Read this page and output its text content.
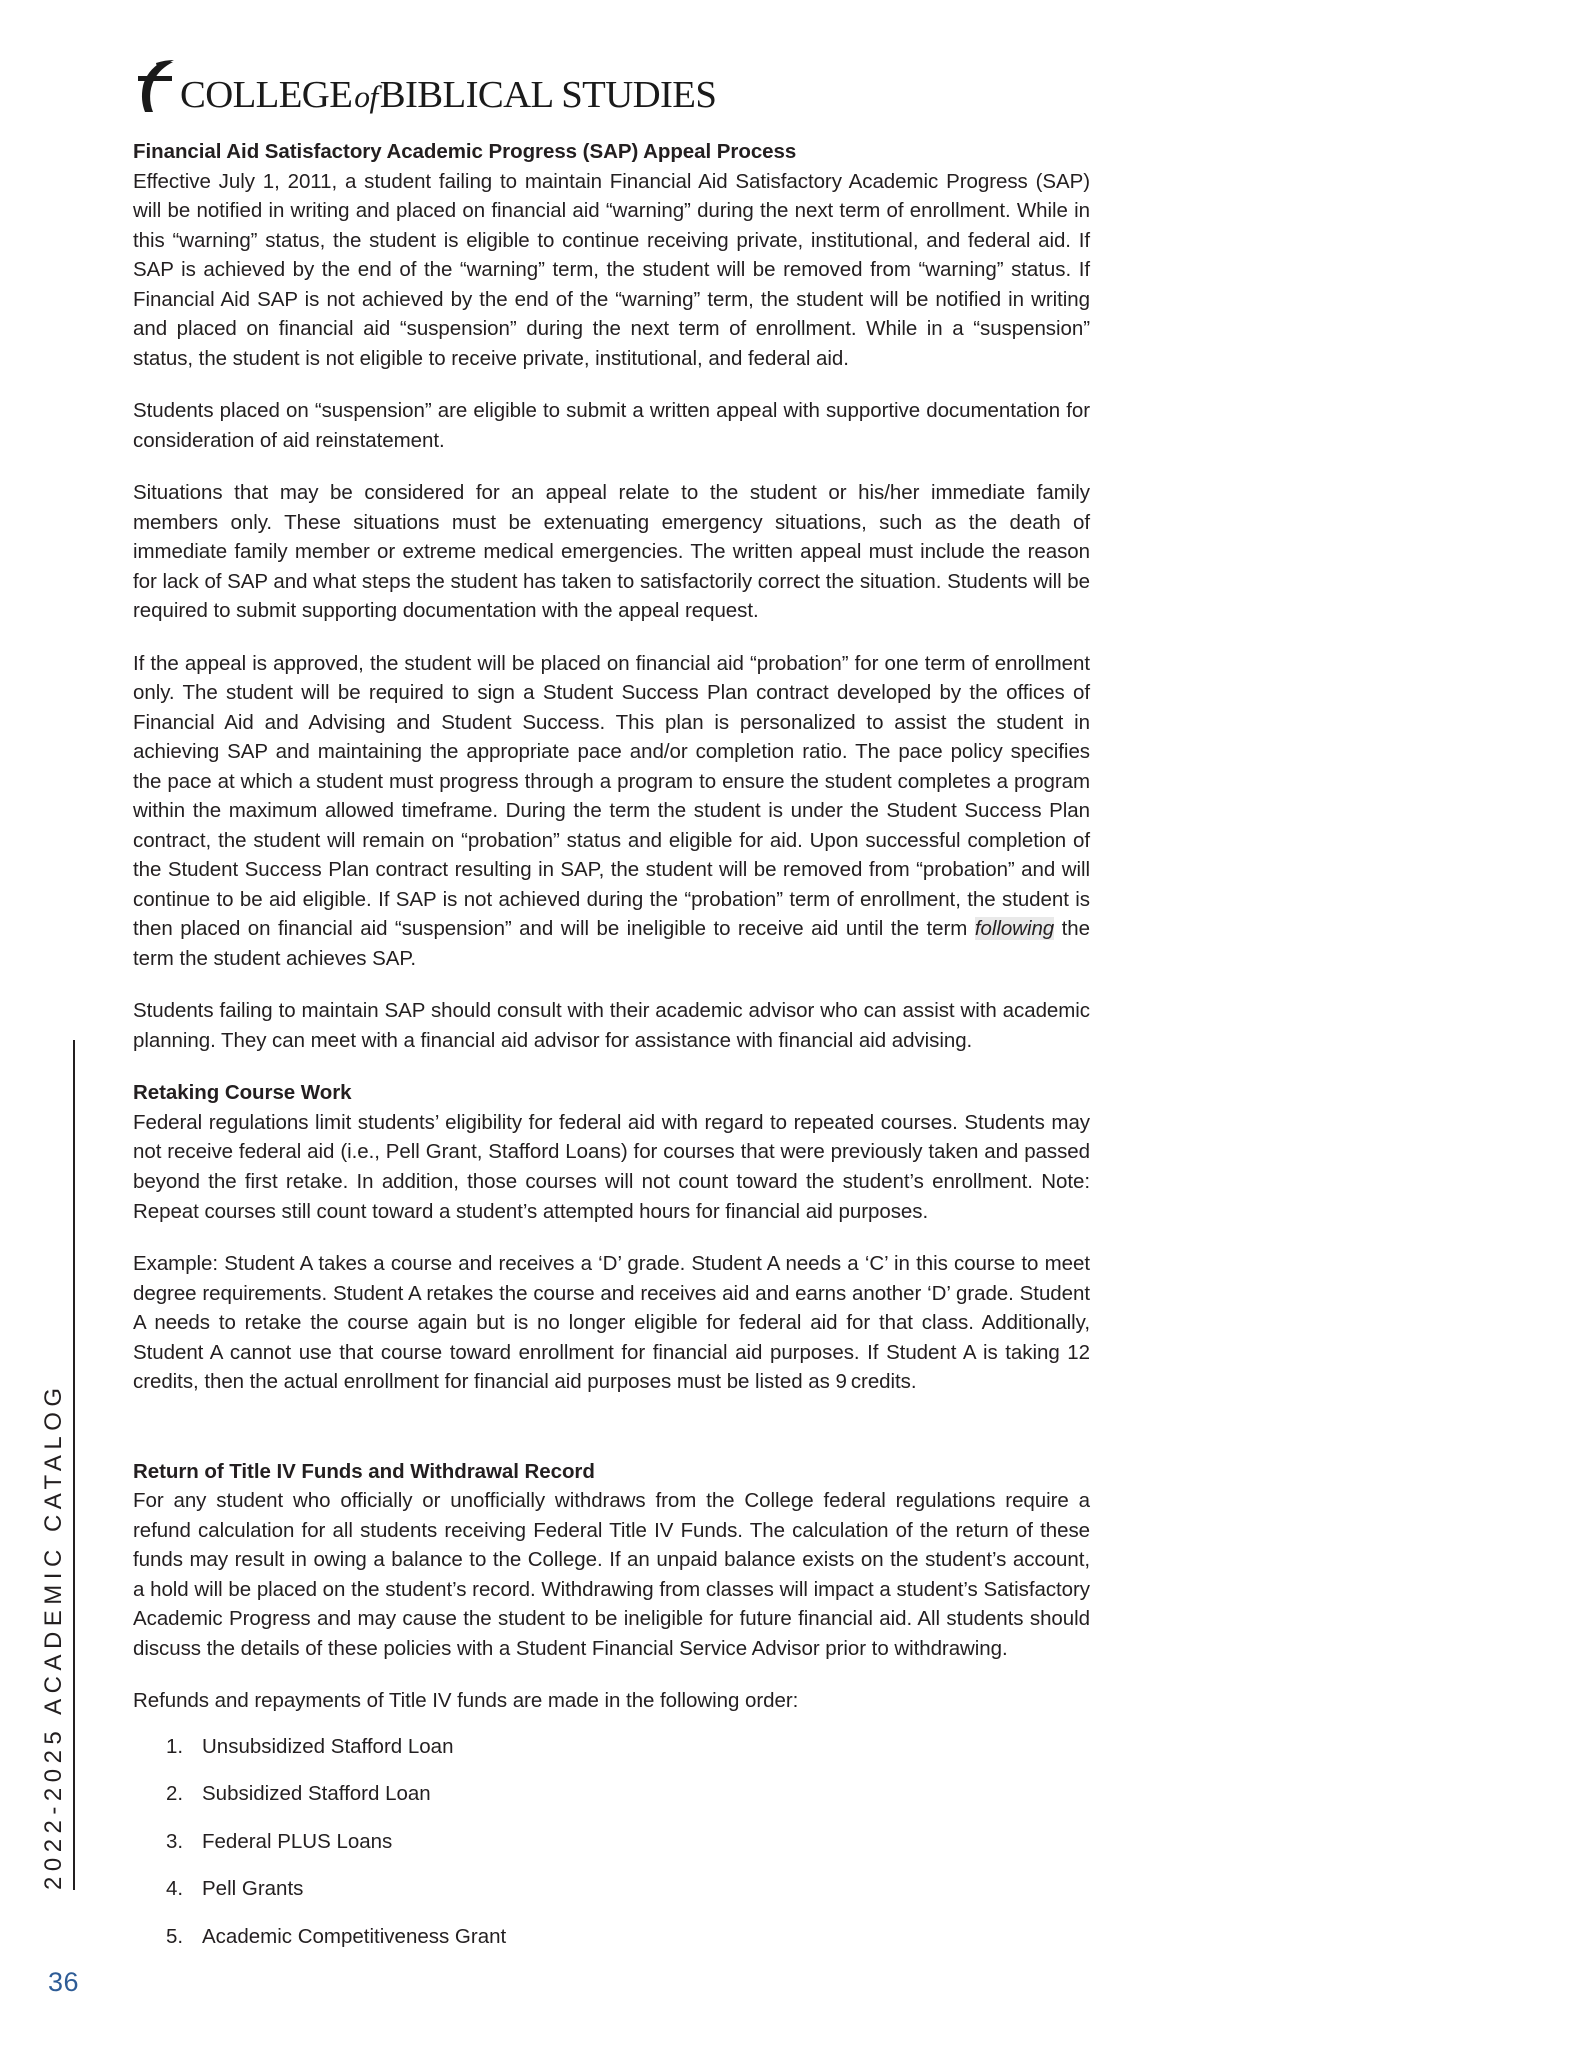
COLLEGEofBIBLICAL STUDIES
2022-2025 ACADEMIC CATALOG
36
Financial Aid Satisfactory Academic Progress (SAP) Appeal Process

Effective July 1, 2011, a student failing to maintain Financial Aid Satisfactory Academic Progress (SAP) will be notified in writing and placed on financial aid “warning” during the next term of enrollment. While in this “warning” status, the student is eligible to continue receiving private, institutional, and federal aid. If SAP is achieved by the end of the “warning” term, the student will be removed from “warning” status. If Financial Aid SAP is not achieved by the end of the “warning” term, the student will be notified in writing and placed on financial aid “suspension” during the next term of enrollment. While in a “suspension” status, the student is not eligible to receive private, institutional, and federal aid.

Students placed on “suspension” are eligible to submit a written appeal with supportive documentation for consideration of aid reinstatement.

Situations that may be considered for an appeal relate to the student or his/her immediate family members only. These situations must be extenuating emergency situations, such as the death of immediate family member or extreme medical emergencies. The written appeal must include the reason for lack of SAP and what steps the student has taken to satisfactorily correct the situation. Students will be required to submit supporting documentation with the appeal request.

If the appeal is approved, the student will be placed on financial aid “probation” for one term of enrollment only. The student will be required to sign a Student Success Plan contract developed by the offices of Financial Aid and Advising and Student Success. This plan is personalized to assist the student in achieving SAP and maintaining the appropriate pace and/or completion ratio. The pace policy specifies the pace at which a student must progress through a program to ensure the student completes a program within the maximum allowed timeframe. During the term the student is under the Student Success Plan contract, the student will remain on “probation” status and eligible for aid. Upon successful completion of the Student Success Plan contract resulting in SAP, the student will be removed from “probation” and will continue to be aid eligible. If SAP is not achieved during the “probation” term of enrollment, the student is then placed on financial aid “suspension” and will be ineligible to receive aid until the term following the term the student achieves SAP.

Students failing to maintain SAP should consult with their academic advisor who can assist with academic planning. They can meet with a financial aid advisor for assistance with financial aid advising.

Retaking Course Work

Federal regulations limit students’ eligibility for federal aid with regard to repeated courses. Students may not receive federal aid (i.e., Pell Grant, Stafford Loans) for courses that were previously taken and passed beyond the first retake. In addition, those courses will not count toward the student’s enrollment. Note: Repeat courses still count toward a student’s attempted hours for financial aid purposes.

Example: Student A takes a course and receives a ‘D’ grade. Student A needs a ‘C’ in this course to meet degree requirements. Student A retakes the course and receives aid and earns another ‘D’ grade. Student A needs to retake the course again but is no longer eligible for federal aid for that class. Additionally, Student A cannot use that course toward enrollment for financial aid purposes. If Student A is taking 12 credits, then the actual enrollment for financial aid purposes must be listed as 9 credits.

Return of Title IV Funds and Withdrawal Record

For any student who officially or unofficially withdraws from the College federal regulations require a refund calculation for all students receiving Federal Title IV Funds. The calculation of the return of these funds may result in owing a balance to the College. If an unpaid balance exists on the student’s account, a hold will be placed on the student’s record. Withdrawing from classes will impact a student’s Satisfactory Academic Progress and may cause the student to be ineligible for future financial aid. All students should discuss the details of these policies with a Student Financial Service Advisor prior to withdrawing.

Refunds and repayments of Title IV funds are made in the following order:

1. Unsubsidized Stafford Loan
2. Subsidized Stafford Loan
3. Federal PLUS Loans
4. Pell Grants
5. Academic Competitiveness Grant
